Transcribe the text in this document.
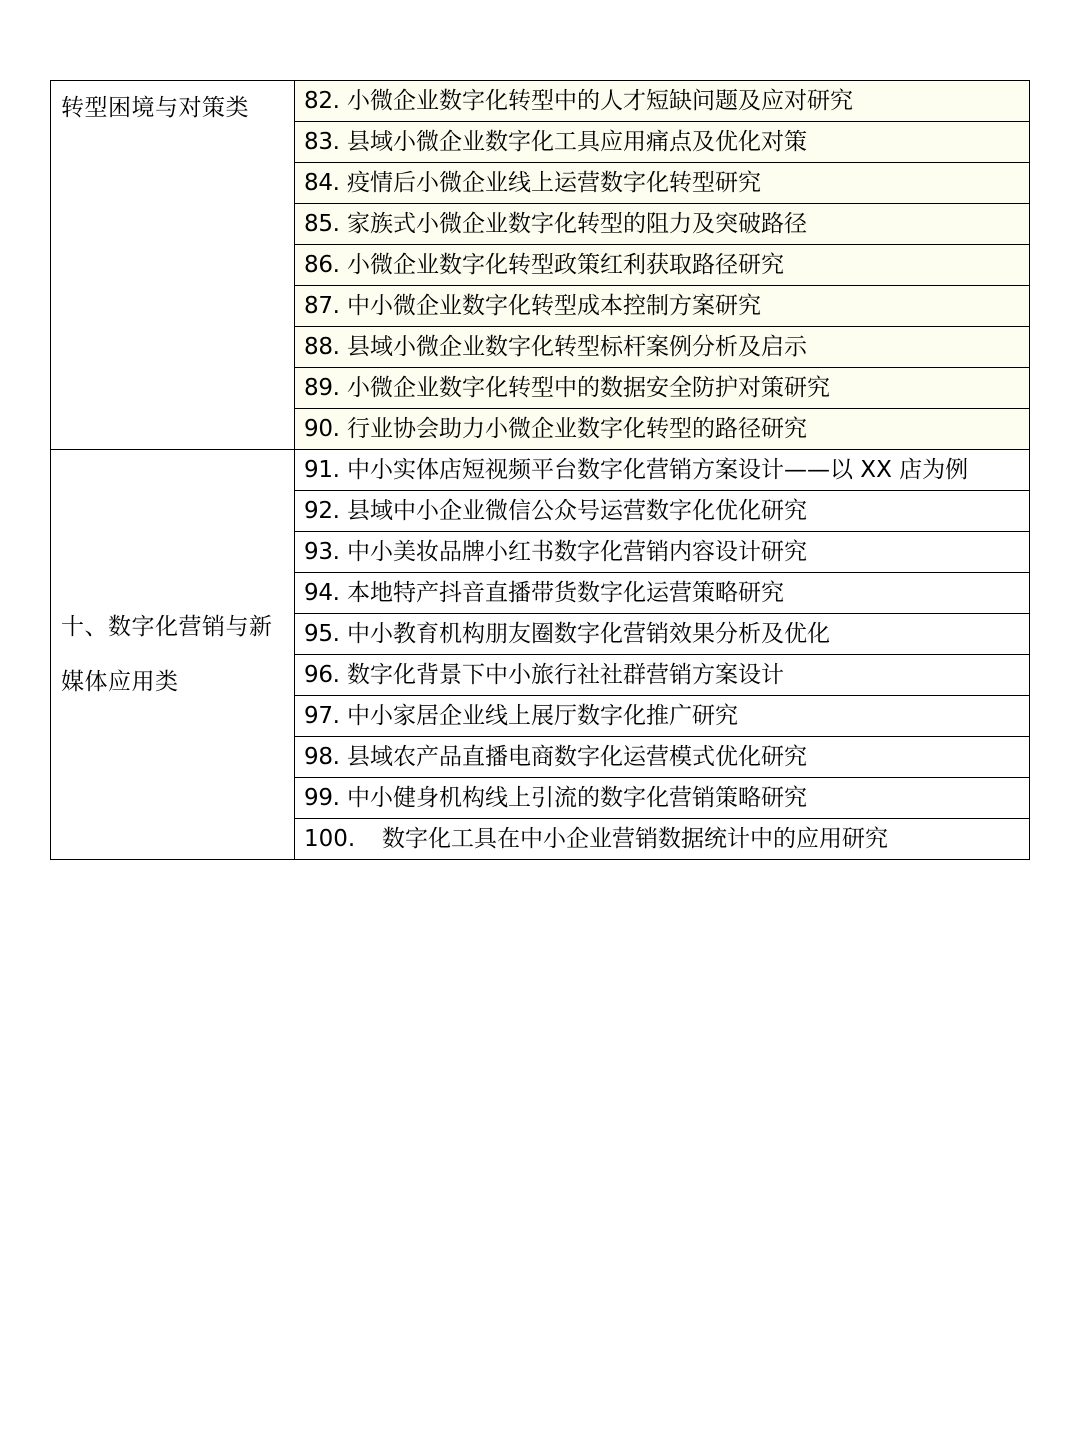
转型困境与对策类	82. 小微企业数字化转型中的人才短缺问题及应对研究
	83. 县域小微企业数字化工具应用痛点及优化对策
	84. 疫情后小微企业线上运营数字化转型研究
	85. 家族式小微企业数字化转型的阻力及突破路径
	86. 小微企业数字化转型政策红利获取路径研究
	87. 中小微企业数字化转型成本控制方案研究
	88. 县域小微企业数字化转型标杆案例分析及启示
	89. 小微企业数字化转型中的数据安全防护对策研究
	90. 行业协会助力小微企业数字化转型的路径研究

十、数字化营销与新
媒体应用类	91. 中小实体店短视频平台数字化营销方案设计——以 XX 店为例
	92. 县域中小企业微信公众号运营数字化优化研究
	93. 中小美妆品牌小红书数字化营销内容设计研究
	94. 本地特产抖音直播带货数字化运营策略研究
	95. 中小教育机构朋友圈数字化营销效果分析及优化
	96. 数字化背景下中小旅行社社群营销方案设计
	97. 中小家居企业线上展厅数字化推广研究
	98. 县域农产品直播电商数字化运营模式优化研究
	99. 中小健身机构线上引流的数字化营销策略研究
	100. 数字化工具在中小企业营销数据统计中的应用研究
